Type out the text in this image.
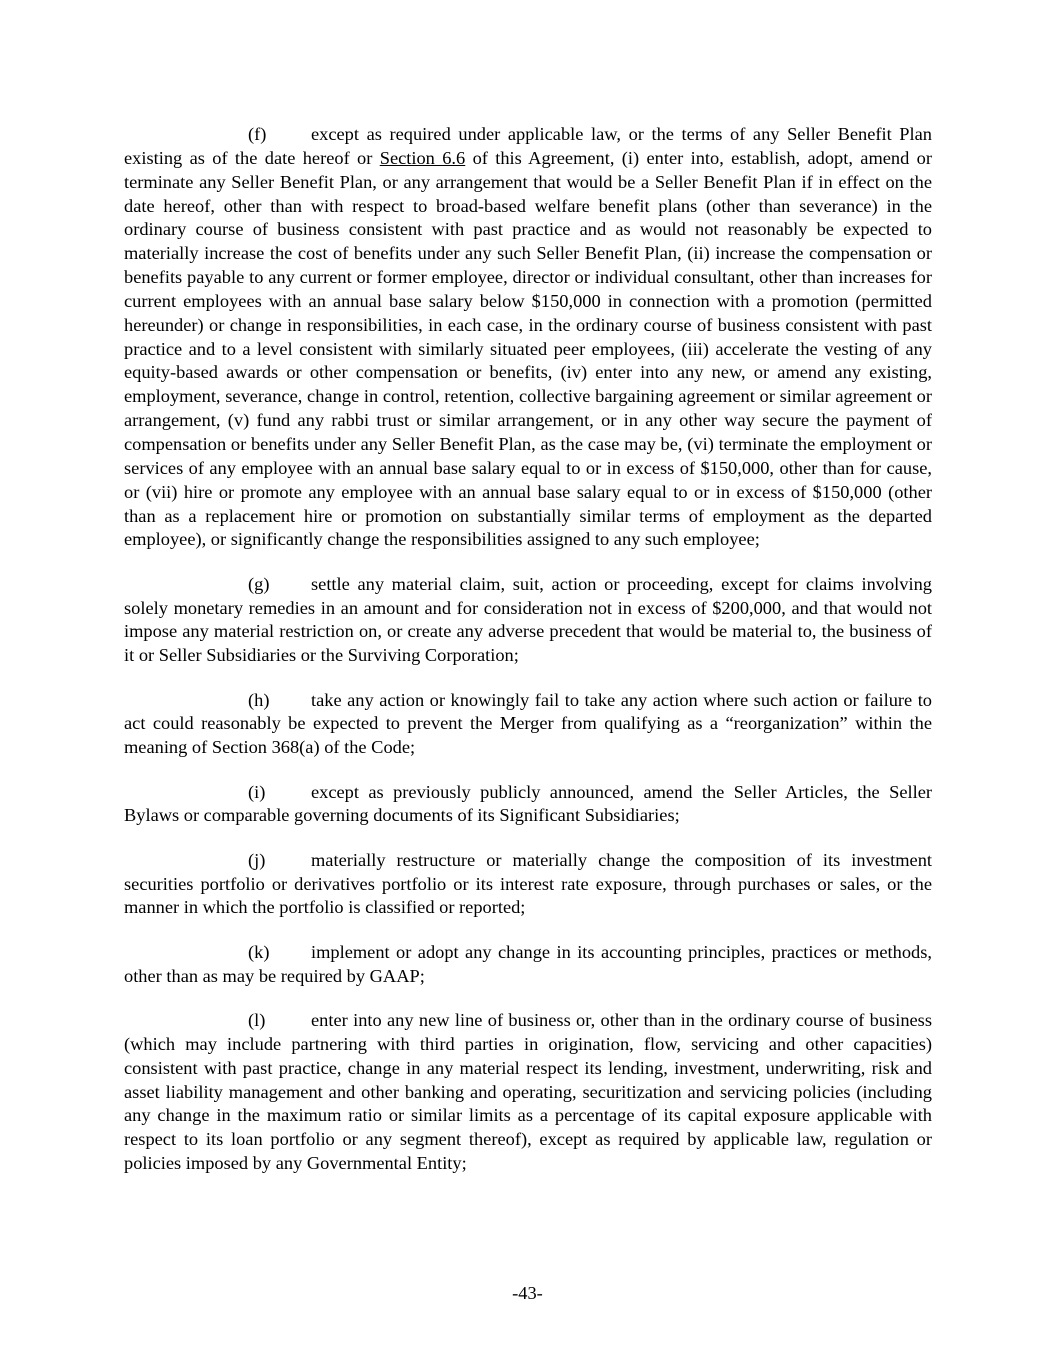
(f) except as required under applicable law, or the terms of any Seller Benefit Plan existing as of the date hereof or Section 6.6 of this Agreement, (i) enter into, establish, adopt, amend or terminate any Seller Benefit Plan, or any arrangement that would be a Seller Benefit Plan if in effect on the date hereof, other than with respect to broad-based welfare benefit plans (other than severance) in the ordinary course of business consistent with past practice and as would not reasonably be expected to materially increase the cost of benefits under any such Seller Benefit Plan, (ii) increase the compensation or benefits payable to any current or former employee, director or individual consultant, other than increases for current employees with an annual base salary below $150,000 in connection with a promotion (permitted hereunder) or change in responsibilities, in each case, in the ordinary course of business consistent with past practice and to a level consistent with similarly situated peer employees, (iii) accelerate the vesting of any equity-based awards or other compensation or benefits, (iv) enter into any new, or amend any existing, employment, severance, change in control, retention, collective bargaining agreement or similar agreement or arrangement, (v) fund any rabbi trust or similar arrangement, or in any other way secure the payment of compensation or benefits under any Seller Benefit Plan, as the case may be, (vi) terminate the employment or services of any employee with an annual base salary equal to or in excess of $150,000, other than for cause, or (vii) hire or promote any employee with an annual base salary equal to or in excess of $150,000 (other than as a replacement hire or promotion on substantially similar terms of employment as the departed employee), or significantly change the responsibilities assigned to any such employee;

(g) settle any material claim, suit, action or proceeding, except for claims involving solely monetary remedies in an amount and for consideration not in excess of $200,000, and that would not impose any material restriction on, or create any adverse precedent that would be material to, the business of it or Seller Subsidiaries or the Surviving Corporation;

(h) take any action or knowingly fail to take any action where such action or failure to act could reasonably be expected to prevent the Merger from qualifying as a “reorganization” within the meaning of Section 368(a) of the Code;

(i) except as previously publicly announced, amend the Seller Articles, the Seller Bylaws or comparable governing documents of its Significant Subsidiaries;

(j) materially restructure or materially change the composition of its investment securities portfolio or derivatives portfolio or its interest rate exposure, through purchases or sales, or the manner in which the portfolio is classified or reported;

(k) implement or adopt any change in its accounting principles, practices or methods, other than as may be required by GAAP;

(l) enter into any new line of business or, other than in the ordinary course of business (which may include partnering with third parties in origination, flow, servicing and other capacities) consistent with past practice, change in any material respect its lending, investment, underwriting, risk and asset liability management and other banking and operating, securitization and servicing policies (including any change in the maximum ratio or similar limits as a percentage of its capital exposure applicable with respect to its loan portfolio or any segment thereof), except as required by applicable law, regulation or policies imposed by any Governmental Entity;

-43-
